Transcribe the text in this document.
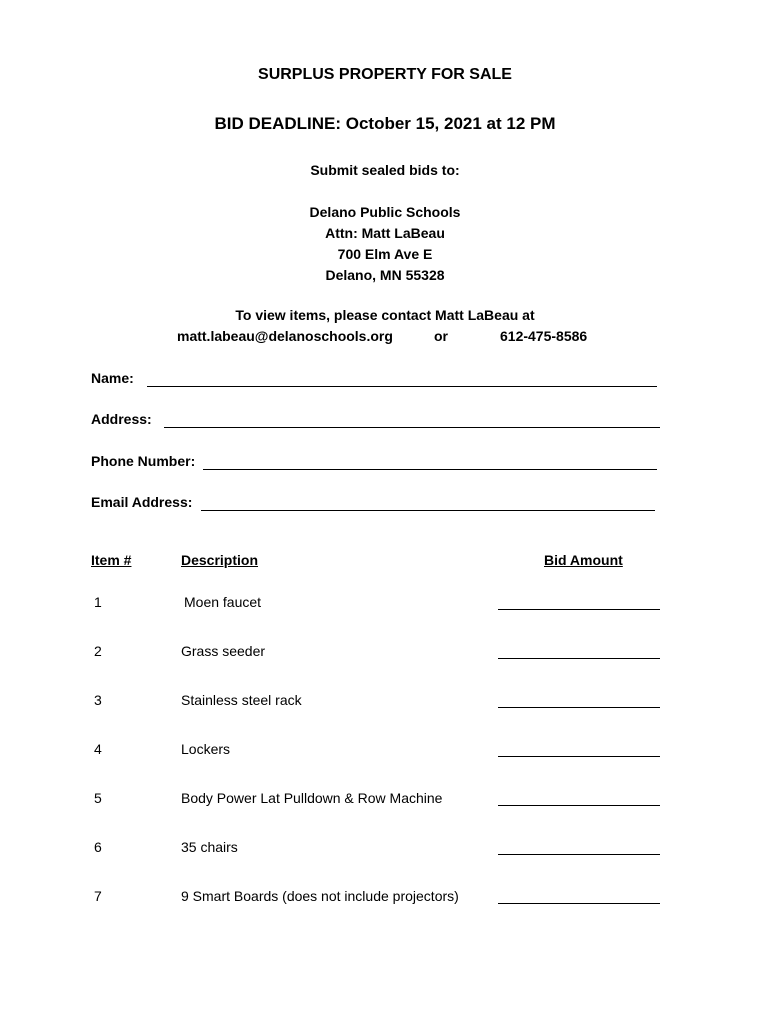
SURPLUS PROPERTY FOR SALE
BID DEADLINE: October 15, 2021 at 12 PM
Submit sealed bids to:
Delano Public Schools
Attn: Matt LaBeau
700 Elm Ave E
Delano, MN 55328
To view items, please contact Matt LaBeau at
matt.labeau@delanoschools.org	or	612-475-8586
Name:
Address:
Phone Number:
Email Address:
Item #	Description	Bid Amount
1	Moen faucet
2	Grass seeder
3	Stainless steel rack
4	Lockers
5	Body Power Lat Pulldown & Row Machine
6	35 chairs
7	9 Smart Boards (does not include projectors)
